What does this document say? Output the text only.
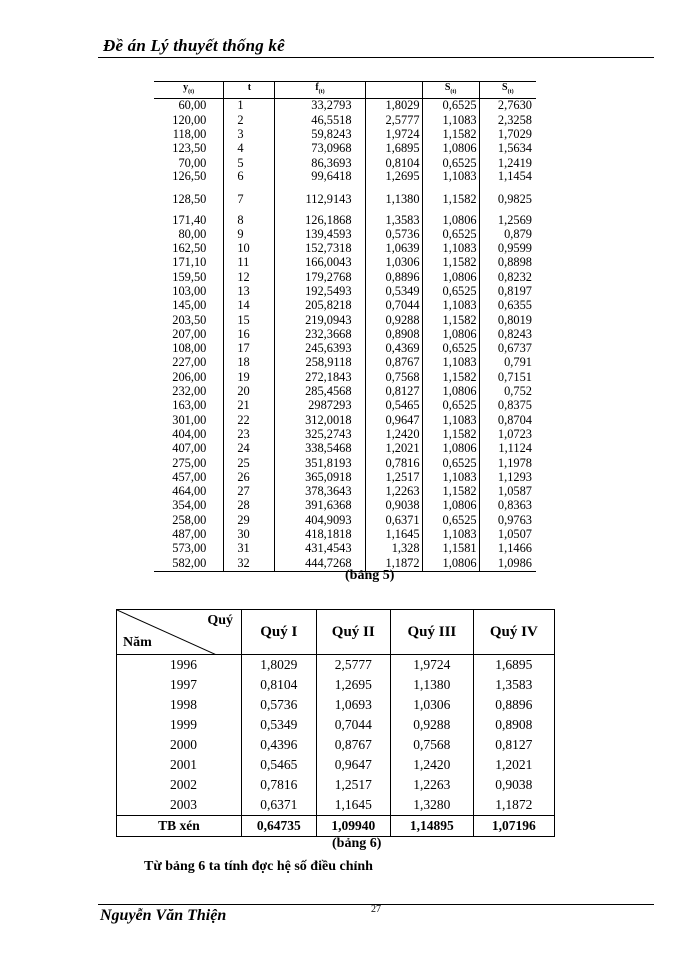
Đề án Lý thuyết thống kê
$y_{(t)}$	t	$f_{(t)}$		$S_{(t)}$	$S_{(t)}$
60,00	1	33,2793	1,8029	0,6525	2,7630
120,00	2	46,5518	2,5777	1,1083	2,3258
118,00	3	59,8243	1,9724	1,1582	1,7029
123,50	4	73,0968	1,6895	1,0806	1,5634
70,00	5	86,3693	0,8104	0,6525	1,2419
126,50	6	99,6418	1,2695	1,1083	1,1454
128,50	7	112,9143	1,1380	1,1582	0,9825
171,40	8	126,1868	1,3583	1,0806	1,2569
80,00	9	139,4593	0,5736	0,6525	0,879
162,50	10	152,7318	1,0639	1,1083	0,9599
171,10	11	166,0043	1,0306	1,1582	0,8898
159,50	12	179,2768	0,8896	1,0806	0,8232
103,00	13	192,5493	0,5349	0,6525	0,8197
145,00	14	205,8218	0,7044	1,1083	0,6355
203,50	15	219,0943	0,9288	1,1582	0,8019
207,00	16	232,3668	0,8908	1,0806	0,8243
108,00	17	245,6393	0,4369	0,6525	0,6737
227,00	18	258,9118	0,8767	1,1083	0,791
206,00	19	272,1843	0,7568	1,1582	0,7151
232,00	20	285,4568	0,8127	1,0806	0,752
163,00	21	2987293	0,5465	0,6525	0,8375
301,00	22	312,0018	0,9647	1,1083	0,8704
404,00	23	325,2743	1,2420	1,1582	1,0723
407,00	24	338,5468	1,2021	1,0806	1,1124
275,00	25	351,8193	0,7816	0,6525	1,1978
457,00	26	365,0918	1,2517	1,1083	1,1293
464,00	27	378,3643	1,2263	1,1582	1,0587
354,00	28	391,6368	0,9038	1,0806	0,8363
258,00	29	404,9093	0,6371	0,6525	0,9763
487,00	30	418,1818	1,1645	1,1083	1,0507
573,00	31	431,4543	1,328	1,1581	1,1466
582,00	32	444,7268	1,1872	1,0806	1,0986
(bảng 5)
Quý
Năm	Quý I	Quý II	Quý III	Quý IV
1996	1,8029	2,5777	1,9724	1,6895
1997	0,8104	1,2695	1,1380	1,3583
1998	0,5736	1,0693	1,0306	0,8896
1999	0,5349	0,7044	0,9288	0,8908
2000	0,4396	0,8767	0,7568	0,8127
2001	0,5465	0,9647	1,2420	1,2021
2002	0,7816	1,2517	1,2263	0,9038
2003	0,6371	1,1645	1,3280	1,1872
TB xén	0,64735	1,09940	1,14895	1,07196
(bảng 6)
Từ bảng 6 ta tính đợc hệ số điều chỉnh
27
Nguyễn Văn Thiện
